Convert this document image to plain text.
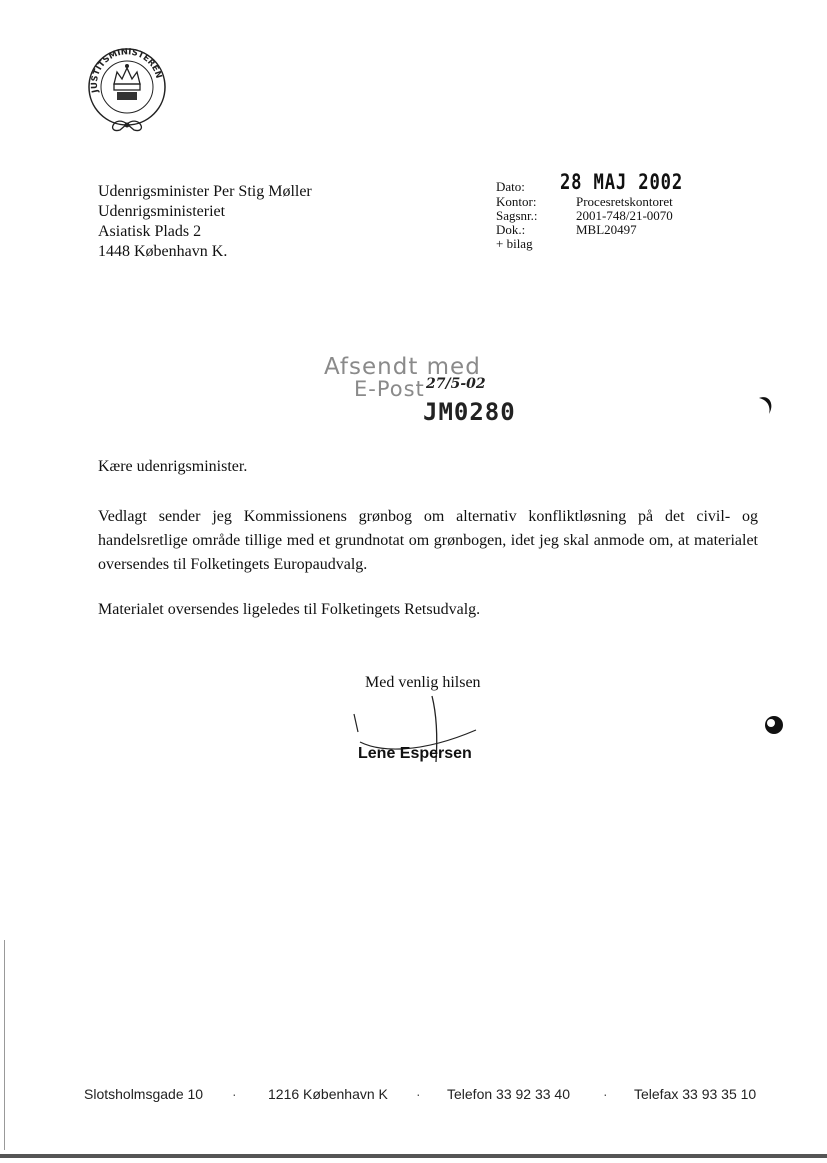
JUSTITSMINISTEREN
Udenrigsminister Per Stig Møller
Udenrigsministeriet
Asiatisk Plads 2
1448 København K.
Dato:	28 MAJ 2002
Kontor:	Procesretskontoret
Sagsnr.:	2001-748/21-0070
Dok.:	MBL20497
+ bilag
Afsendt med
E-Post 27/5-02
JM0280
Kære udenrigsminister.
Vedlagt sender jeg Kommissionens grønbog om alternativ konfliktløsning på det civil- og handelsretlige område tillige med et grundnotat om grønbogen, idet jeg skal anmode om, at materialet oversendes til Folketingets Europaudvalg.
Materialet oversendes ligeledes til Folketingets Retsudvalg.
Med venlig hilsen
Lene Espersen
Slotsholmsgade 10	·	1216 København K	·	Telefon 33 92 33 40	·	Telefax 33 93 35 10
